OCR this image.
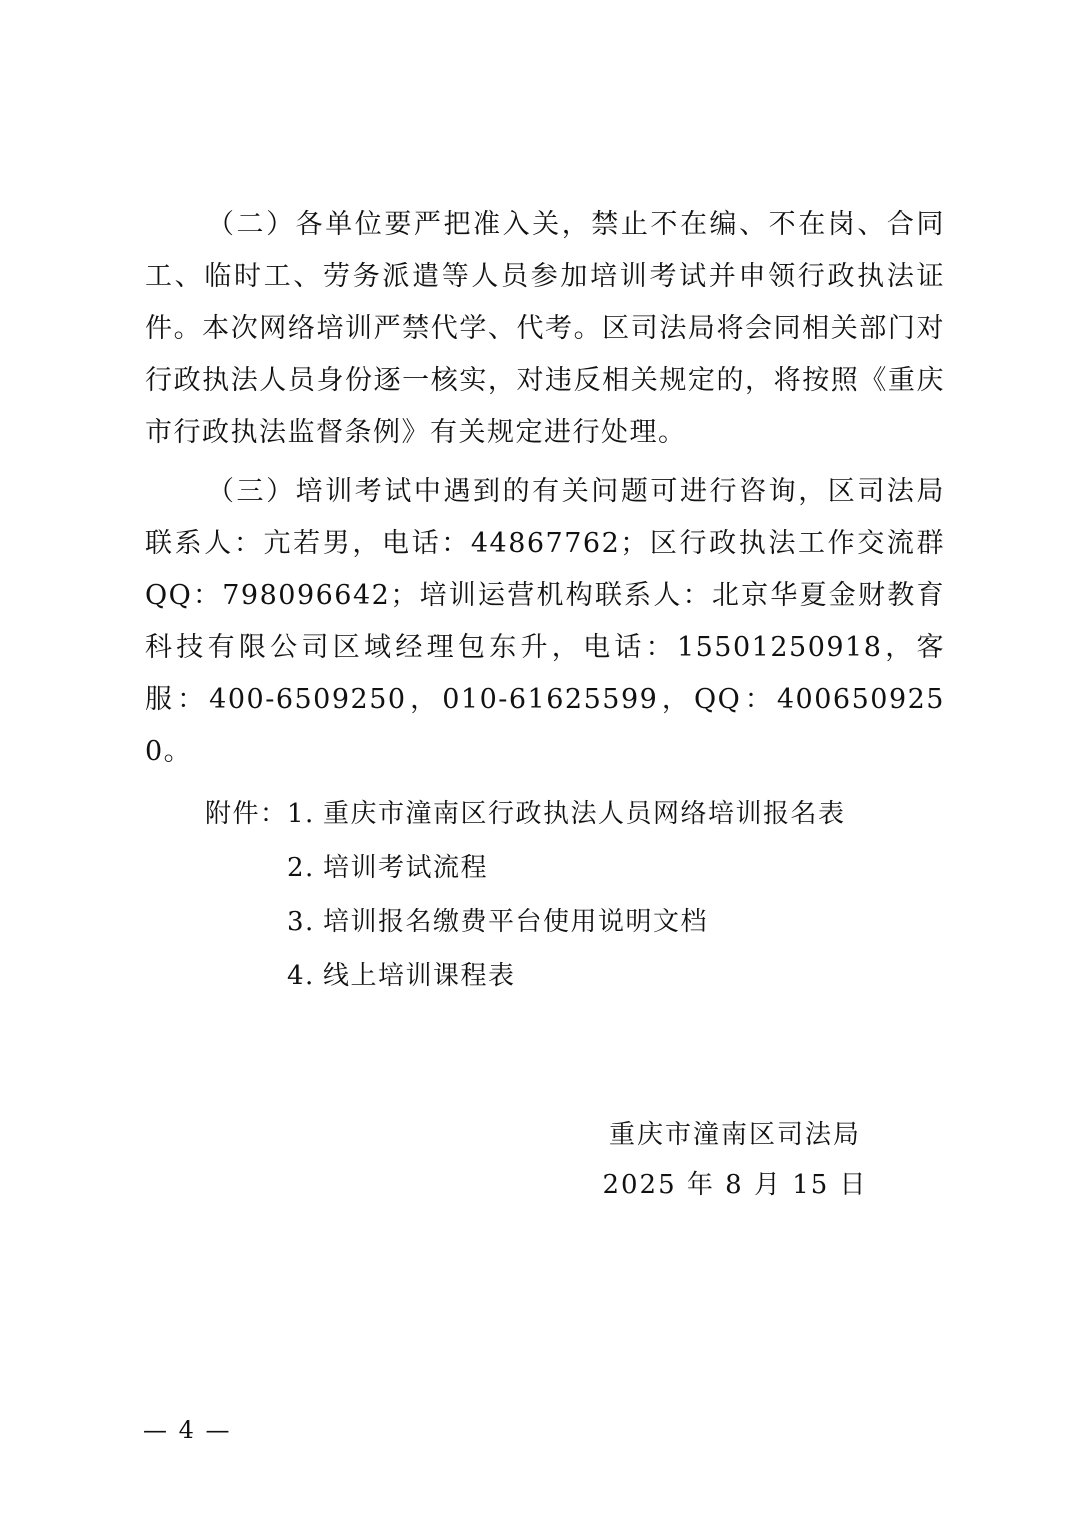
（二）各单位要严把准入关，禁止不在编、不在岗、合同工、临时工、劳务派遣等人员参加培训考试并申领行政执法证件。本次网络培训严禁代学、代考。区司法局将会同相关部门对行政执法人员身份逐一核实，对违反相关规定的，将按照《重庆市行政执法监督条例》有关规定进行处理。

（三）培训考试中遇到的有关问题可进行咨询，区司法局联系人：亢若男，电话：44867762；区行政执法工作交流群QQ：798096642；培训运营机构联系人：北京华夏金财教育科技有限公司区域经理包东升，电话：15501250918，客服：400-6509250，010-61625599，QQ：4006509250。

附件： 1. 重庆市潼南区行政执法人员网络培训报名表
2. 培训考试流程
3. 培训报名缴费平台使用说明文档
4. 线上培训课程表
重庆市潼南区司法局
2025 年 8 月 15 日
— 4 —
